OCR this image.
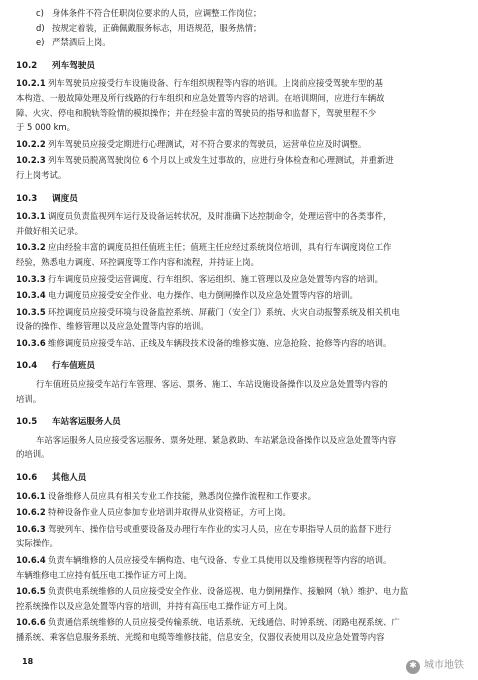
c) 身体条件不符合任职岗位要求的人员，应调整工作岗位；
d) 按规定着装，正确佩戴服务标志，用语规范，服务热情；
e) 严禁酒后上岗。
10.2 列车驾驶员
10.2.1 列车驾驶员应接受行车设施设备、行车组织规程等内容的培训。上岗前应接受驾驶车型的基
本构造、一般故障处理及所行线路的行车组织和应急处置等内容的培训。在培训期间，应进行车辆故
障、火灾、停电和脱轨等险情的模拟操作；并在经验丰富的驾驶员的指导和监督下，驾驶里程不少
于 5 000 km。
10.2.2 列车驾驶员应接受定期进行心理测试，对不符合要求的驾驶员，运营单位应及时调整。
10.2.3 列车驾驶员脱离驾驶岗位 6 个月以上或发生过事故的，应进行身体检查和心理测试，并重新进
行上岗考试。
10.3 调度员
10.3.1 调度员负责监视列车运行及设备运转状况，及时准确下达控制命令，处理运营中的各类事件，
并做好相关记录。
10.3.2 应由经验丰富的调度员担任值班主任；值班主任应经过系统岗位培训，具有行车调度岗位工作
经验，熟悉电力调度、环控调度等工作内容和流程，并持证上岗。
10.3.3 行车调度员应接受运营调度、行车组织、客运组织、施工管理以及应急处置等内容的培训。
10.3.4 电力调度员应接受安全作业、电力操作、电力倒闸操作以及应急处置等内容的培训。
10.3.5 环控调度员应接受环境与设备监控系统、屏蔽门（安全门）系统、火灾自动报警系统及相关机电
设备的操作、维修管理以及应急处置等内容的培训。
10.3.6 维修调度员应接受车站、正线及车辆段技术设备的维修实施、应急抢险、抢修等内容的培训。
10.4 行车值班员
行车值班员应接受车站行车管理、客运、票务、施工、车站设施设备操作以及应急处置等内容的
培训。
10.5 车站客运服务人员
车站客运服务人员应接受客运服务、票务处理、紧急救助、车站紧急设备操作以及应急处置等内容
的培训。
10.6 其他人员
10.6.1 设备维修人员应具有相关专业工作技能，熟悉岗位操作流程和工作要求。
10.6.2 特种设备作业人员应参加专业培训并取得从业资格证，方可上岗。
10.6.3 驾驶列车、操作信号或重要设备及办理行车作业的实习人员，应在专职指导人员的监督下进行
实际操作。
10.6.4 负责车辆维修的人员应接受车辆构造、电气设备、专业工具使用以及维修规程等内容的培训。
车辆维修电工应持有低压电工操作证方可上岗。
10.6.5 负责供电系统维修的人员应接受安全作业、设备巡视、电力倒闸操作、接触网（轨）维护、电力监
控系统操作以及应急处置等内容的培训，并持有高压电工操作证方可上岗。
10.6.6 负责通信系统维修的人员应接受传输系统、电话系统、无线通信、时钟系统、闭路电视系统、广
播系统、乘客信息服务系统、光缆和电缆等维修技能，信息安全，仪器仪表使用以及应急处置等内容
18	✱ 城市地铁
